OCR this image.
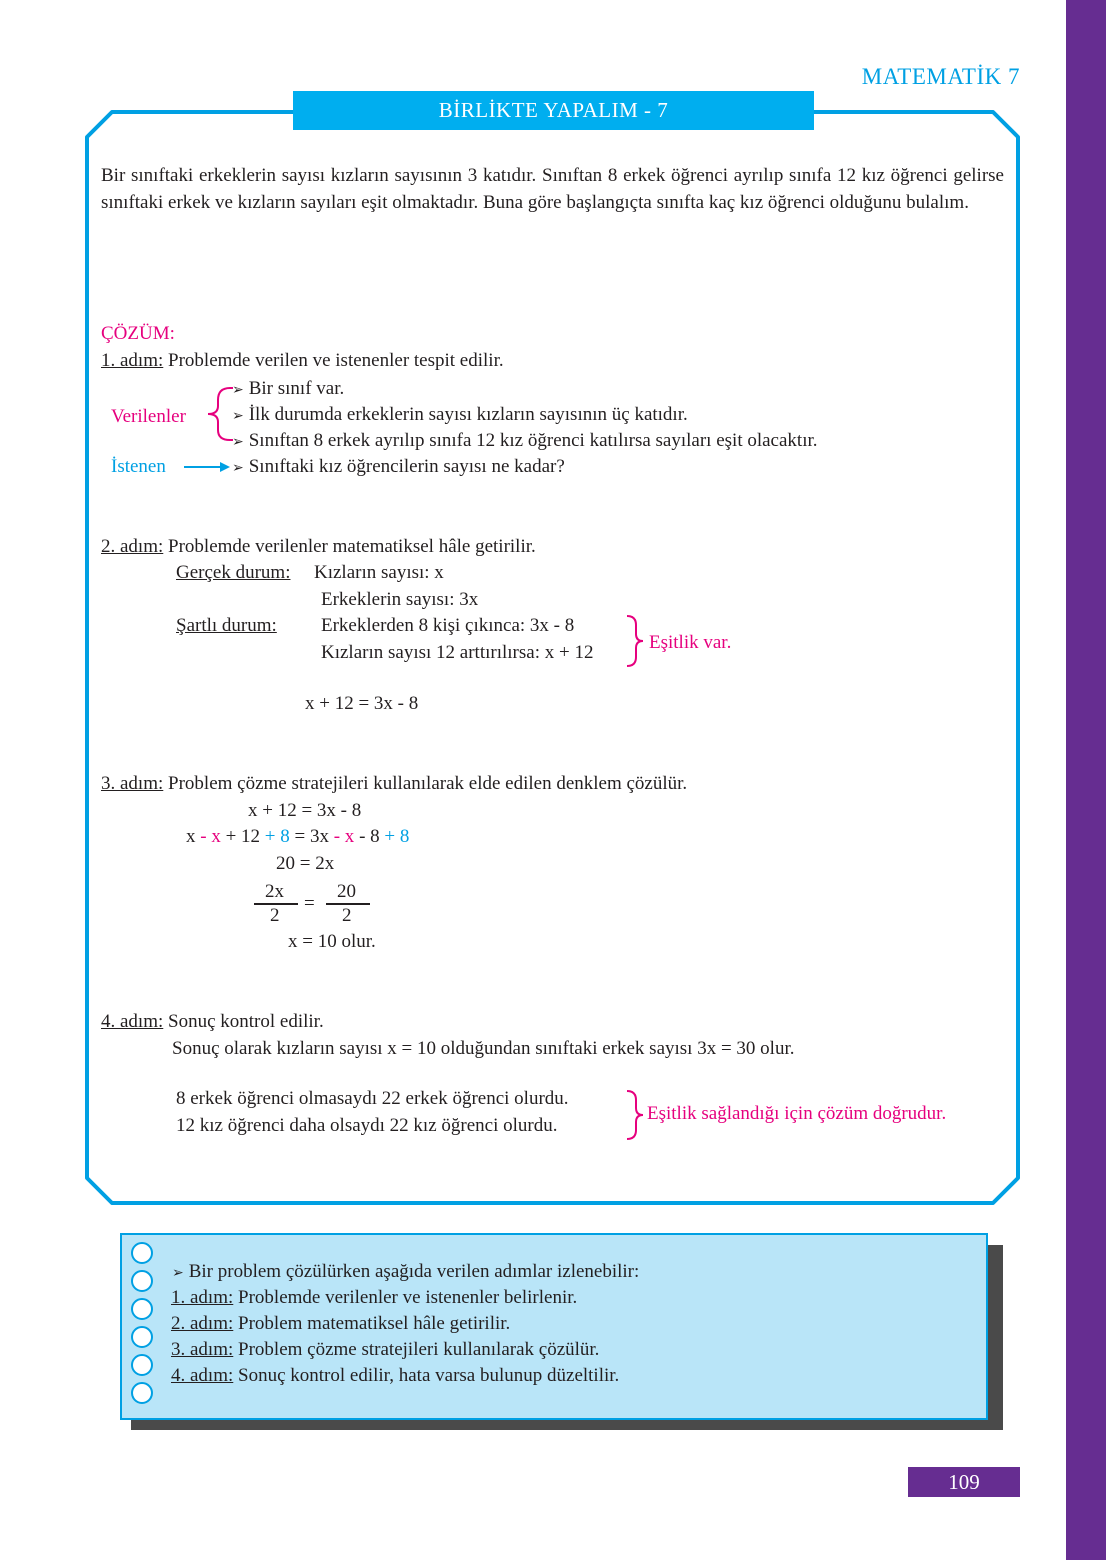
MATEMATİK 7
BİRLİKTE YAPALIM - 7
Bir sınıftaki erkeklerin sayısı kızların sayısının 3 katıdır. Sınıftan 8 erkek öğrenci ayrılıp sınıfa 12 kız öğrenci gelirse sınıftaki erkek ve kızların sayıları eşit olmaktadır. Buna göre başlangıçta sınıfta kaç kız öğrenci olduğunu bulalım.
ÇÖZÜM:
1. adım: Problemde verilen ve istenenler tespit edilir.
Verilenler
➢ Bir sınıf var.
➢ İlk durumda erkeklerin sayısı kızların sayısının üç katıdır.
➢ Sınıftan 8 erkek ayrılıp sınıfa 12 kız öğrenci katılırsa sayıları eşit olacaktır.
İstenen	➢ Sınıftaki kız öğrencilerin sayısı ne kadar?
2. adım: Problemde verilenler matematiksel hâle getirilir.
Gerçek durum: Kızların sayısı: x
Erkeklerin sayısı: 3x
Şartlı durum: Erkeklerden 8 kişi çıkınca: 3x - 8
Kızların sayısı 12 arttırılırsa: x + 12	Eşitlik var.
x + 12 = 3x - 8
3. adım: Problem çözme stratejileri kullanılarak elde edilen denklem çözülür.
x + 12 = 3x - 8
x - x + 12 + 8 = 3x - x - 8 + 8
20 = 2x
2x
2
=
20
2
x = 10 olur.
4. adım: Sonuç kontrol edilir.
Sonuç olarak kızların sayısı x = 10 olduğundan sınıftaki erkek sayısı 3x = 30 olur.
8 erkek öğrenci olmasaydı 22 erkek öğrenci olurdu.
12 kız öğrenci daha olsaydı 22 kız öğrenci olurdu.
Eşitlik sağlandığı için çözüm doğrudur.
➢ Bir problem çözülürken aşağıda verilen adımlar izlenebilir:
1. adım: Problemde verilenler ve istenenler belirlenir.
2. adım: Problem matematiksel hâle getirilir.
3. adım: Problem çözme stratejileri kullanılarak çözülür.
4. adım: Sonuç kontrol edilir, hata varsa bulunup düzeltilir.
109
